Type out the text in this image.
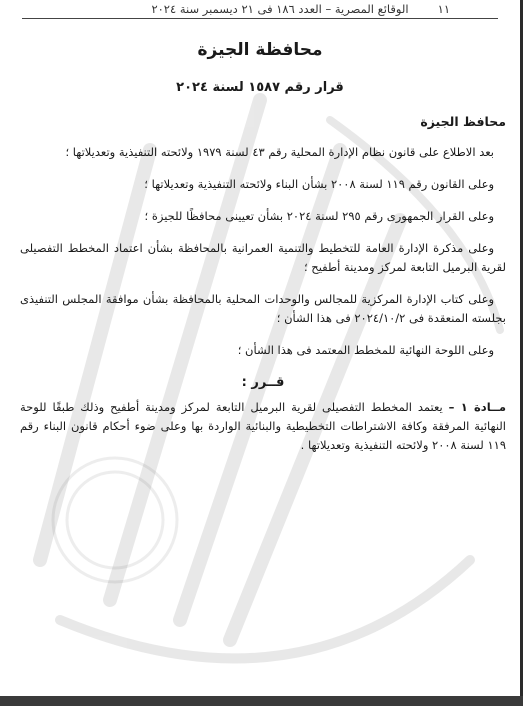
١١
الوقائع المصرية – العدد ١٨٦ فى ٢١ ديسمبر سنة ٢٠٢٤
محافظة الجيزة
قرار رقم ١٥٨٧ لسنة ٢٠٢٤
محافظ الجيزة

بعد الاطلاع على قانون نظام الإدارة المحلية رقم ٤٣ لسنة ١٩٧٩ ولائحته التنفيذية وتعديلاتها ؛

وعلى القانون رقم ١١٩ لسنة ٢٠٠٨ بشأن البناء ولائحته التنفيذية وتعديلاتها ؛

وعلى القرار الجمهورى رقم ٢٩٥ لسنة ٢٠٢٤ بشأن تعيينى محافظًا للجيزة ؛

وعلى مذكرة الإدارة العامة للتخطيط والتنمية العمرانية بالمحافظة بشأن اعتماد المخطط التفصيلى لقرية البرميل التابعة لمركز ومدينة أطفيح ؛

وعلى كتاب الإدارة المركزية للمجالس والوحدات المحلية بالمحافظة بشأن موافقة المجلس التنفيذى بجلسته المنعقدة فى ٢٠٢٤/١٠/٢ فى هذا الشأن ؛

وعلى اللوحة النهائية للمخطط المعتمد فى هذا الشأن ؛

قــرر :

مــادة ١ – يعتمد المخطط التفصيلى لقرية البرميل التابعة لمركز ومدينة أطفيح وذلك طبقًا للوحة النهائية المرفقة وكافة الاشتراطات التخطيطية والبنائية الواردة بها وعلى ضوء أحكام قانون البناء رقم ١١٩ لسنة ٢٠٠٨ ولائحته التنفيذية وتعديلاتها .
